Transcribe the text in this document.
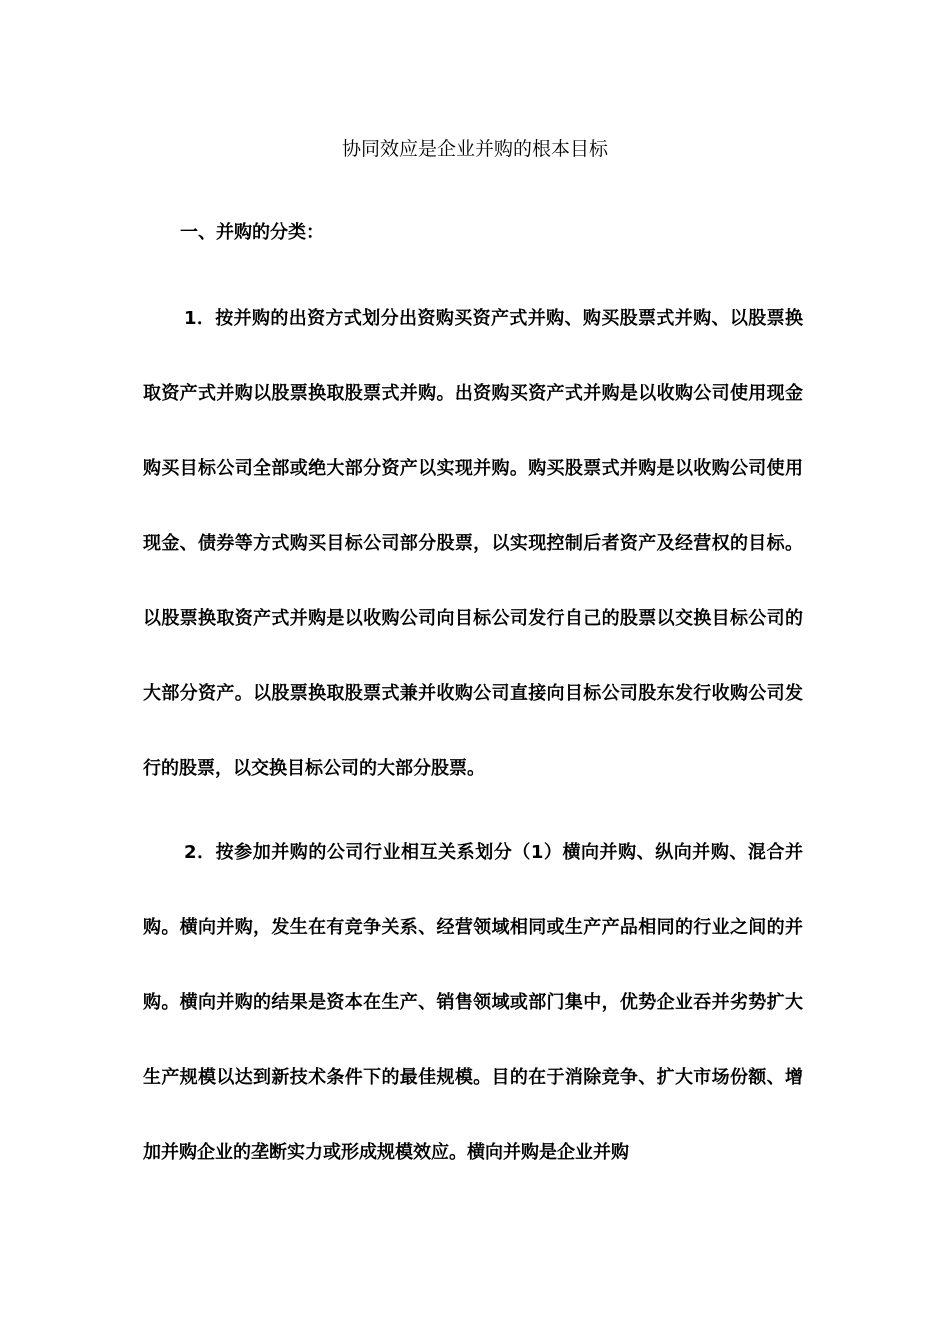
协同效应是企业并购的根本目标
一、并购的分类：

1．按并购的出资方式划分出资购买资产式并购、购买股票式并购、以股票换取资产式并购以股票换取股票式并购。出资购买资产式并购是以收购公司使用现金购买目标公司全部或绝大部分资产以实现并购。购买股票式并购是以收购公司使用现金、债券等方式购买目标公司部分股票，以实现控制后者资产及经营权的目标。以股票换取资产式并购是以收购公司向目标公司发行自己的股票以交换目标公司的大部分资产。以股票换取股票式兼并收购公司直接向目标公司股东发行收购公司发行的股票，以交换目标公司的大部分股票。

2．按参加并购的公司行业相互关系划分（1）横向并购、纵向并购、混合并购。横向并购，发生在有竞争关系、经营领域相同或生产产品相同的行业之间的并购。横向并购的结果是资本在生产、销售领域或部门集中，优势企业吞并劣势扩大生产规模以达到新技术条件下的最佳规模。目的在于消除竞争、扩大市场份额、增加并购企业的垄断实力或形成规模效应。横向并购是企业并购
